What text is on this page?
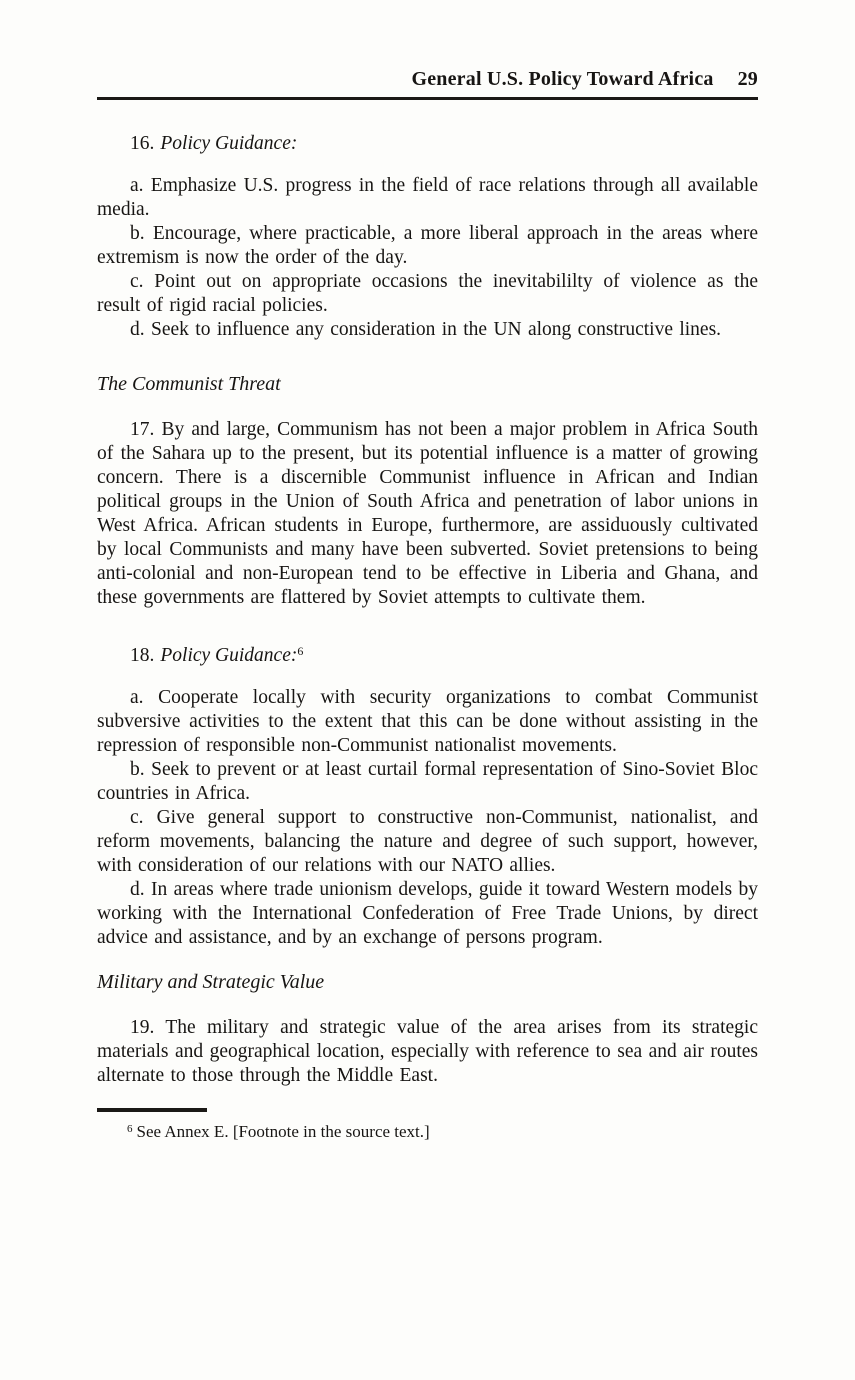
General U.S. Policy Toward Africa 29

16. Policy Guidance:

a. Emphasize U.S. progress in the field of race relations through all available media.

b. Encourage, where practicable, a more liberal approach in the areas where extremism is now the order of the day.

c. Point out on appropriate occasions the inevitabililty of violence as the result of rigid racial policies.

d. Seek to influence any consideration in the UN along constructive lines.

The Communist Threat

17. By and large, Communism has not been a major problem in Africa South of the Sahara up to the present, but its potential influence is a matter of growing concern. There is a discernible Communist influence in African and Indian political groups in the Union of South Africa and penetration of labor unions in West Africa. African students in Europe, furthermore, are assiduously cultivated by local Communists and many have been subverted. Soviet pretensions to being anti-colonial and non-European tend to be effective in Liberia and Ghana, and these governments are flattered by Soviet attempts to cultivate them.

18. Policy Guidance:$^6$

a. Cooperate locally with security organizations to combat Communist subversive activities to the extent that this can be done without assisting in the repression of responsible non-Communist nationalist movements.

b. Seek to prevent or at least curtail formal representation of Sino-Soviet Bloc countries in Africa.

c. Give general support to constructive non-Communist, nationalist, and reform movements, balancing the nature and degree of such support, however, with consideration of our relations with our NATO allies.

d. In areas where trade unionism develops, guide it toward Western models by working with the International Confederation of Free Trade Unions, by direct advice and assistance, and by an exchange of persons program.

Military and Strategic Value

19. The military and strategic value of the area arises from its strategic materials and geographical location, especially with reference to sea and air routes alternate to those through the Middle East.

$^6$ See Annex E. [Footnote in the source text.]
